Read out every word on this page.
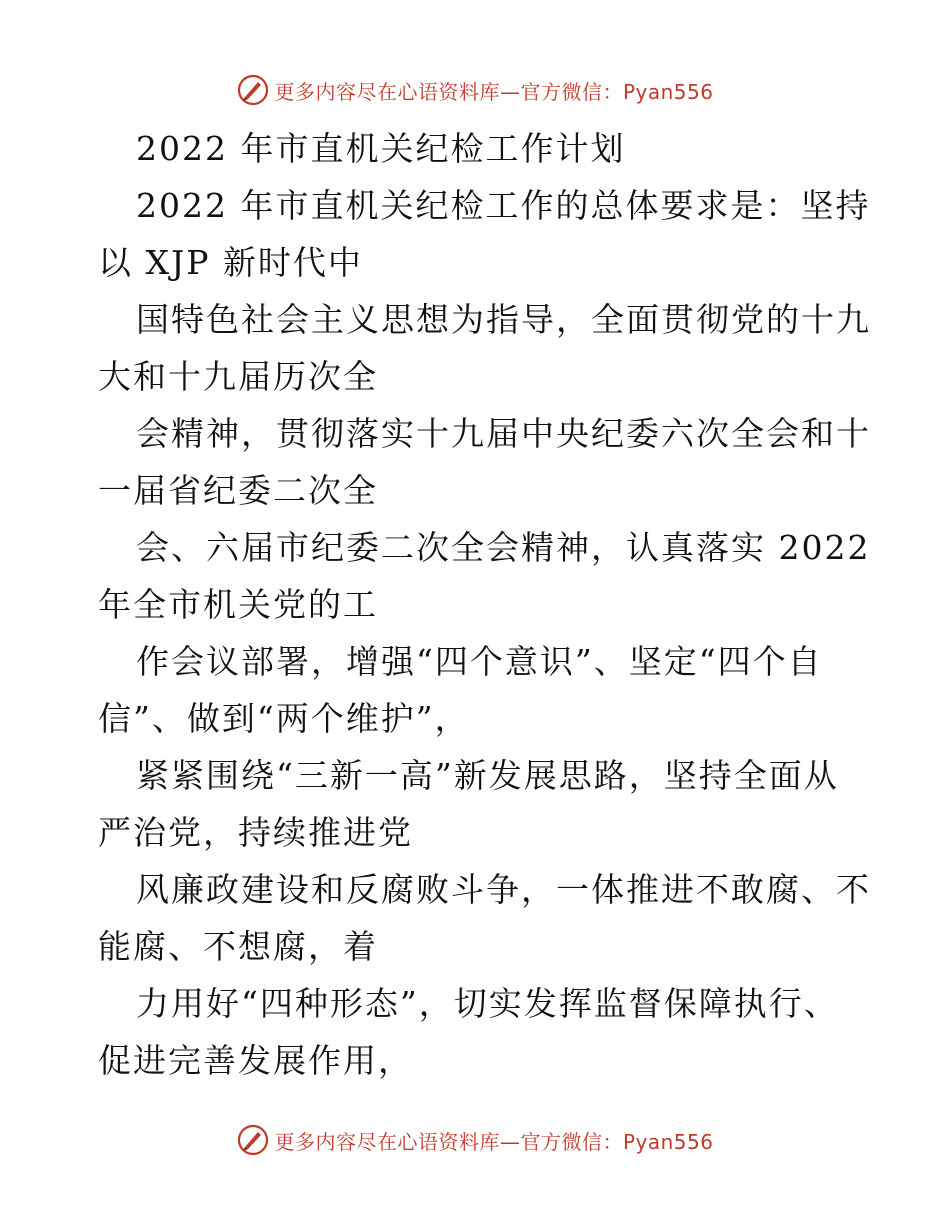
更多内容尽在心语资料库—官方微信：Pyan556

2022 年市直机关纪检工作计划

2022 年市直机关纪检工作的总体要求是：坚持
以 XJP 新时代中

国特色社会主义思想为指导，全面贯彻党的十九
大和十九届历次全

会精神，贯彻落实十九届中央纪委六次全会和十
一届省纪委二次全

会、六届市纪委二次全会精神，认真落实 2022
年全市机关党的工

作会议部署，增强“四个意识”、坚定“四个自
信”、做到“两个维护”，

紧紧围绕“三新一高”新发展思路，坚持全面从
严治党，持续推进党

风廉政建设和反腐败斗争，一体推进不敢腐、不
能腐、不想腐，着

力用好“四种形态”，切实发挥监督保障执行、
促进完善发展作用，

更多内容尽在心语资料库—官方微信：Pyan556
